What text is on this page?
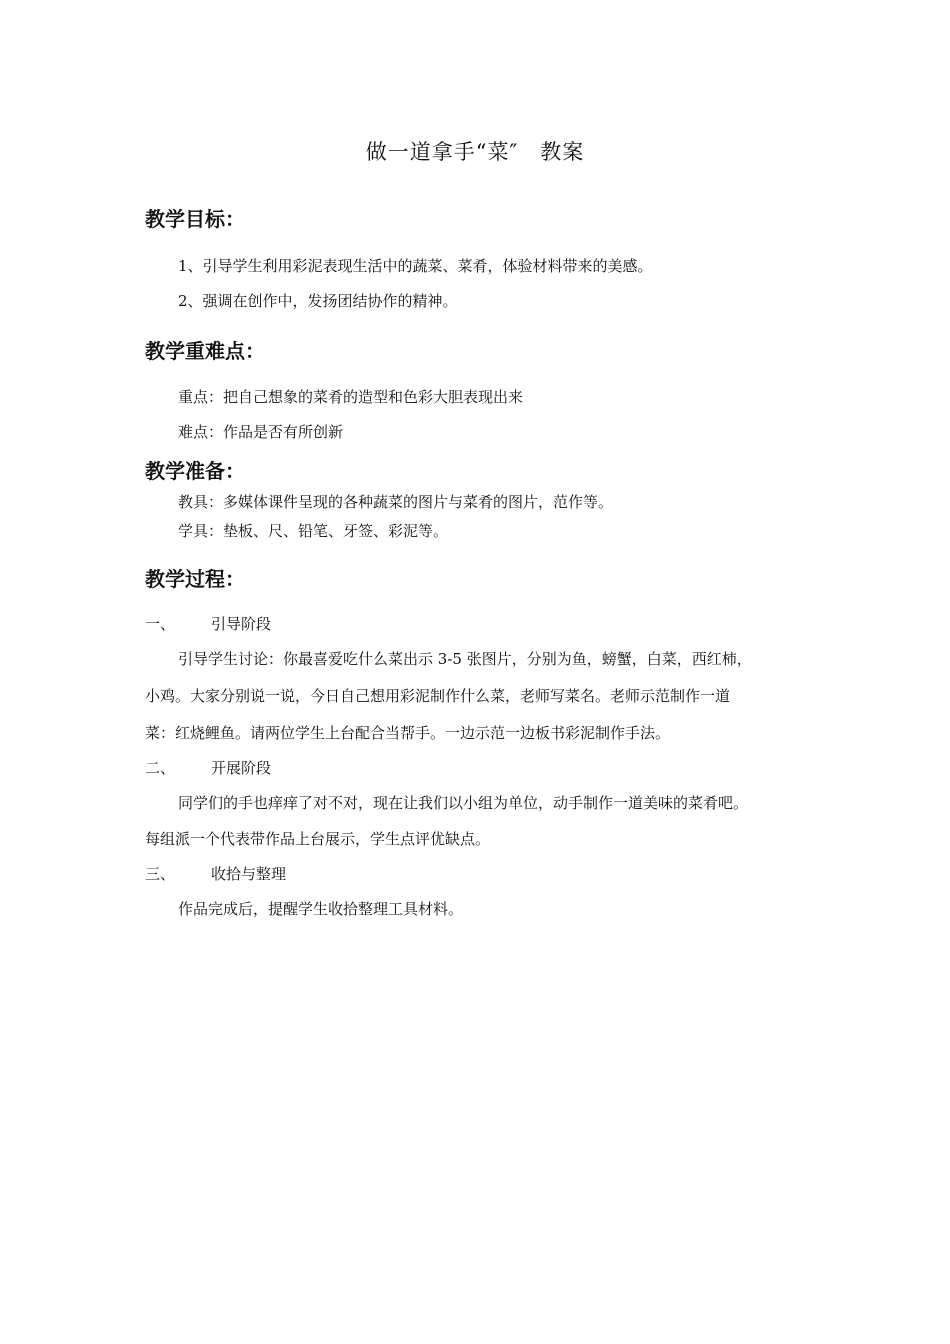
做一道拿手“菜″　教案
教学目标：
1、引导学生利用彩泥表现生活中的蔬菜、菜肴，体验材料带来的美感。
2、强调在创作中，发扬团结协作的精神。
教学重难点：
重点：把自己想象的菜肴的造型和色彩大胆表现出来
难点：作品是否有所创新
教学准备：
教具：多媒体课件呈现的各种蔬菜的图片与菜肴的图片，范作等。
学具：垫板、尺、铅笔、牙签、彩泥等。
教学过程：
一、 引导阶段
引导学生讨论：你最喜爱吃什么菜出示 3-5 张图片，分别为鱼，螃蟹，白菜，西红柿，
小鸡。大家分别说一说，今日自己想用彩泥制作什么菜，老师写菜名。老师示范制作一道
菜：红烧鲤鱼。请两位学生上台配合当帮手。一边示范一边板书彩泥制作手法。
二、 开展阶段
同学们的手也痒痒了对不对，现在让我们以小组为单位，动手制作一道美味的菜肴吧。
每组派一个代表带作品上台展示，学生点评优缺点。
三、 收拾与整理
作品完成后，提醒学生收拾整理工具材料。
